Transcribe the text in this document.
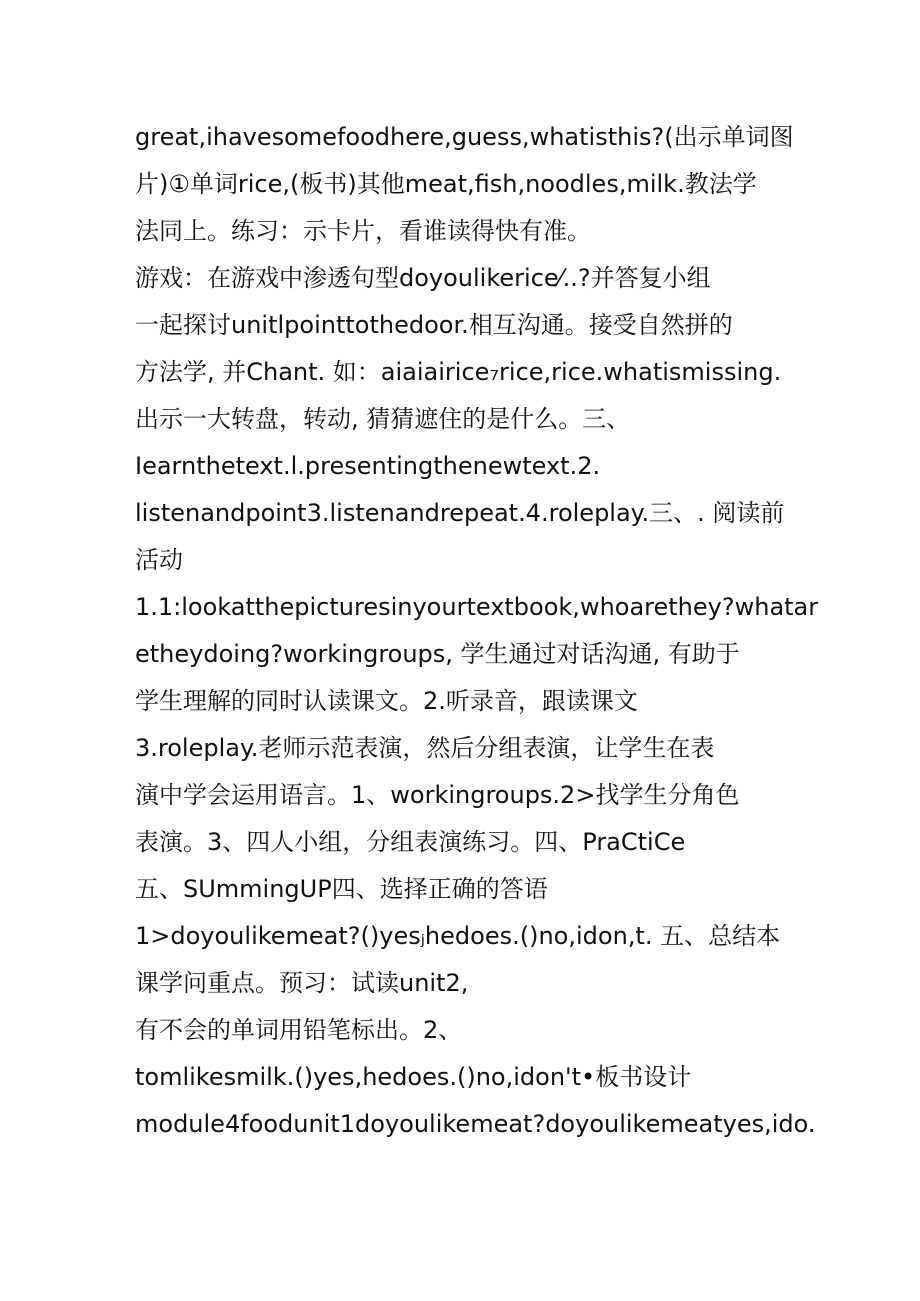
great,ihavesomefoodhere,guess,whatisthis?(出示单词图
片)①单词rice,(板书)其他meat,fish,noodles,milk.教法学
法同上。练习：示卡片，看谁读得快有准。
游戏：在游戏中渗透句型doyoulikerice⁄..?并答复小组
一起探讨unitlpointtothedoor.相互沟通。接受自然拼的
方法学, 并Chant. 如：aiaiairice₇rice,rice.whatismissing.
出示一大转盘，转动, 猜猜遮住的是什么。三、
Iearnthetext.l.presentingthenewtext.2.
listenandpoint3.listenandrepeat.4.roleplay.三、. 阅读前
活动
1.1:lookatthepicturesinyourtextbook,whoarethey?whatar
etheydoing?workingroups, 学生通过对话沟通, 有助于
学生理解的同时认读课文。2.听录音，跟读课文
3.roleplay.老师示范表演，然后分组表演，让学生在表
演中学会运用语言。1、workingroups.2>找学生分角色
表演。3、四人小组，分组表演练习。四、PraCtiCe
五、SUmmingUP四、选择正确的答语
1>doyoulikemeat?()yesⱼhedoes.()no,idon‚t. 五、总结本
课学问重点。预习：试读unit2,
有不会的单词用铅笔标出。2、
tomlikesmilk.()yes,hedoes.()no,idon't•板书设计
module4foodunit1doyoulikemeat?doyoulikemeatyes,ido.
